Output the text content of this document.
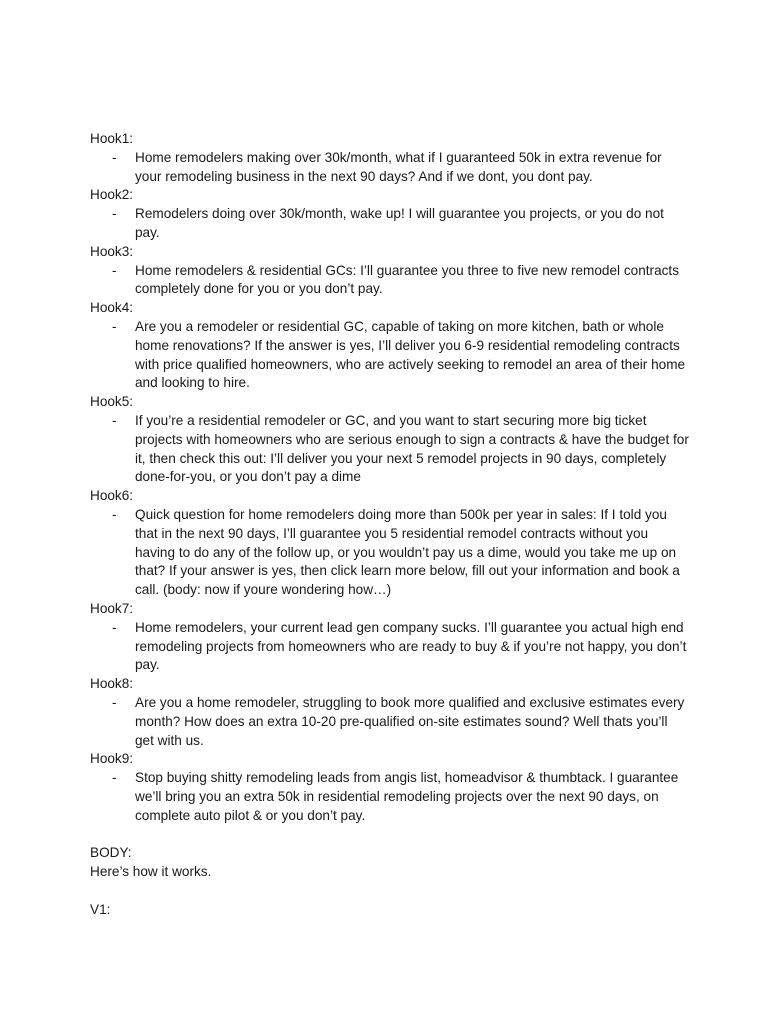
Hook1:

- Home remodelers making over 30k/month, what if I guaranteed 50k in extra revenue for your remodeling business in the next 90 days? And if we dont, you dont pay.

Hook2:

- Remodelers doing over 30k/month, wake up! I will guarantee you projects, or you do not pay.

Hook3:

- Home remodelers & residential GCs: I’ll guarantee you three to five new remodel contracts completely done for you or you don’t pay.

Hook4:

- Are you a remodeler or residential GC, capable of taking on more kitchen, bath or whole home renovations? If the answer is yes, I’ll deliver you 6-9 residential remodeling contracts with price qualified homeowners, who are actively seeking to remodel an area of their home and looking to hire.

Hook5:

- If you’re a residential remodeler or GC, and you want to start securing more big ticket projects with homeowners who are serious enough to sign a contracts & have the budget for it, then check this out: I’ll deliver you your next 5 remodel projects in 90 days, completely done-for-you, or you don’t pay a dime

Hook6:

- Quick question for home remodelers doing more than 500k per year in sales: If I told you that in the next 90 days, I’ll guarantee you 5 residential remodel contracts without you having to do any of the follow up, or you wouldn’t pay us a dime, would you take me up on that? If your answer is yes, then click learn more below, fill out your information and book a call. (body: now if youre wondering how…)

Hook7:

- Home remodelers, your current lead gen company sucks. I’ll guarantee you actual high end remodeling projects from homeowners who are ready to buy & if you’re not happy, you don’t pay.

Hook8:

- Are you a home remodeler, struggling to book more qualified and exclusive estimates every month? How does an extra 10-20 pre-qualified on-site estimates sound? Well thats you’ll get with us.

Hook9:

- Stop buying shitty remodeling leads from angis list, homeadvisor & thumbtack. I guarantee we’ll bring you an extra 50k in residential remodeling projects over the next 90 days, on complete auto pilot & or you don’t pay.

BODY:

Here’s how it works.

V1:
